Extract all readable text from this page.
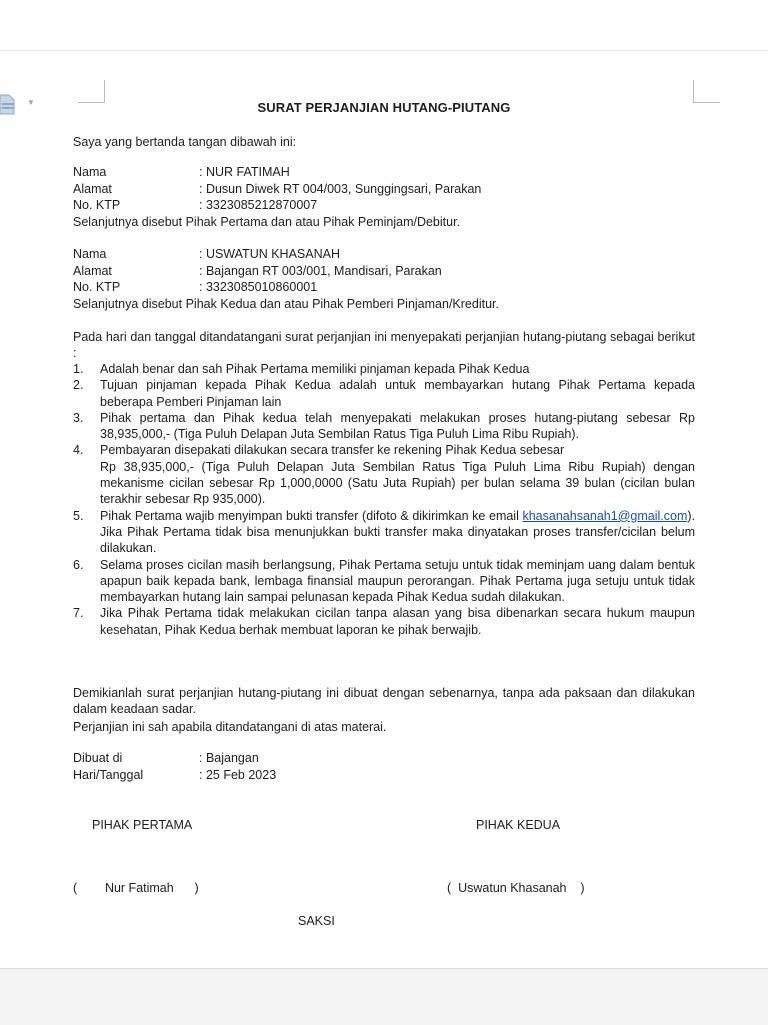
▼	SURAT PERJANJIAN HUTANG-PIUTANG
Saya yang bertanda tangan dibawah ini:
Nama	: NUR FATIMAH
Alamat	: Dusun Diwek RT 004/003, Sunggingsari, Parakan
No. KTP	: 3323085212870007
Selanjutnya disebut Pihak Pertama dan atau Pihak Peminjam/Debitur.
Nama	: USWATUN KHASANAH
Alamat	: Bajangan RT 003/001, Mandisari, Parakan
No. KTP	: 3323085010860001
Selanjutnya disebut Pihak Kedua dan atau Pihak Pemberi Pinjaman/Kreditur.
Pada hari dan tanggal ditandatangani surat perjanjian ini menyepakati perjanjian hutang-piutang sebagai berikut :
1.	Adalah benar dan sah Pihak Pertama memiliki pinjaman kepada Pihak Kedua
2.	Tujuan pinjaman kepada Pihak Kedua adalah untuk membayarkan hutang Pihak Pertama kepada beberapa Pemberi Pinjaman lain
3.	Pihak pertama dan Pihak kedua telah menyepakati melakukan proses hutang-piutang sebesar Rp 38,935,000,- (Tiga Puluh Delapan Juta Sembilan Ratus Tiga Puluh Lima Ribu Rupiah).
4.	Pembayaran disepakati dilakukan secara transfer ke rekening Pihak Kedua sebesar
Rp 38,935,000,- (Tiga Puluh Delapan Juta Sembilan Ratus Tiga Puluh Lima Ribu Rupiah) dengan mekanisme cicilan sebesar Rp 1,000,0000 (Satu Juta Rupiah) per bulan selama 39 bulan (cicilan bulan terakhir sebesar Rp 935,000).
5.	Pihak Pertama wajib menyimpan bukti transfer (difoto & dikirimkan ke email khasanahsanah1@gmail.com). Jika Pihak Pertama tidak bisa menunjukkan bukti transfer maka dinyatakan proses transfer/cicilan belum dilakukan.
6.	Selama proses cicilan masih berlangsung, Pihak Pertama setuju untuk tidak meminjam uang dalam bentuk apapun baik kepada bank, lembaga finansial maupun perorangan. Pihak Pertama juga setuju untuk tidak membayarkan hutang lain sampai pelunasan kepada Pihak Kedua sudah dilakukan.
7.	Jika Pihak Pertama tidak melakukan cicilan tanpa alasan yang bisa dibenarkan secara hukum maupun kesehatan, Pihak Kedua berhak membuat laporan ke pihak berwajib.
Demikianlah surat perjanjian hutang-piutang ini dibuat dengan sebenarnya, tanpa ada paksaan dan dilakukan dalam keadaan sadar.
Perjanjian ini sah apabila ditandatangani di atas materai.
Dibuat di	: Bajangan
Hari/Tanggal	: 25 Feb 2023
PIHAK PERTAMA	PIHAK KEDUA
(        Nur Fatimah      )	(  Uswatun Khasanah    )
SAKSI
